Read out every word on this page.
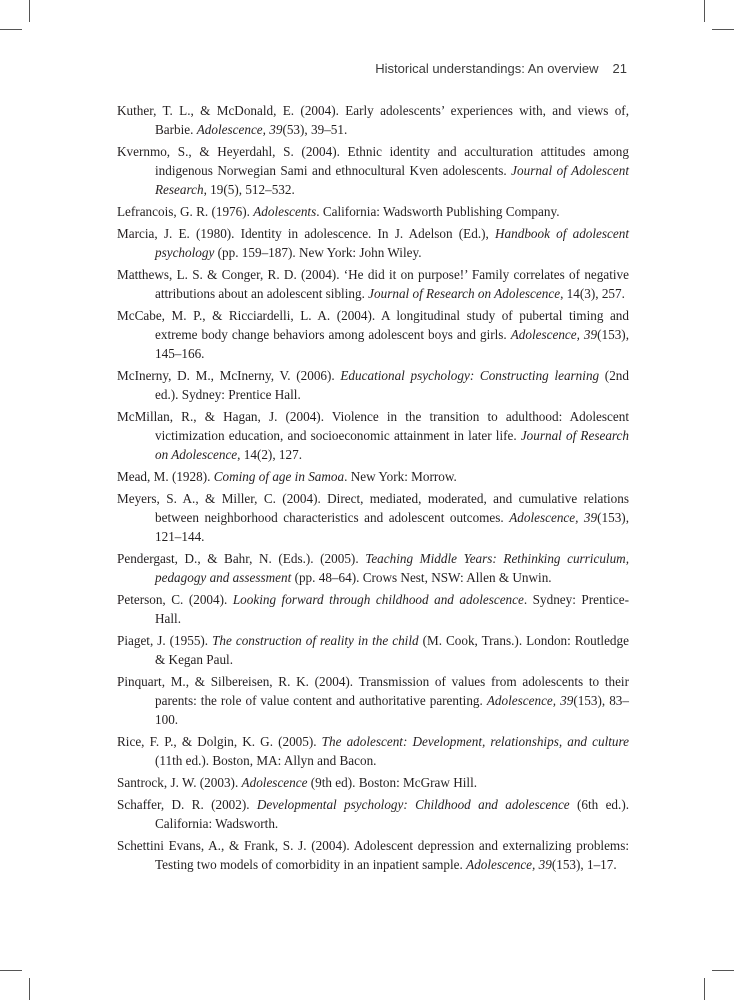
Historical understandings: An overview 21
Kuther, T. L., & McDonald, E. (2004). Early adolescents’ experiences with, and views of, Barbie. Adolescence, 39(53), 39–51.
Kvernmo, S., & Heyerdahl, S. (2004). Ethnic identity and acculturation attitudes among indigenous Norwegian Sami and ethnocultural Kven adolescents. Journal of Adolescent Research, 19(5), 512–532.
Lefrancois, G. R. (1976). Adolescents. California: Wadsworth Publishing Company.
Marcia, J. E. (1980). Identity in adolescence. In J. Adelson (Ed.), Handbook of adolescent psychology (pp. 159–187). New York: John Wiley.
Matthews, L. S. & Conger, R. D. (2004). ‘He did it on purpose!’ Family correlates of negative attributions about an adolescent sibling. Journal of Research on Adolescence, 14(3), 257.
McCabe, M. P., & Ricciardelli, L. A. (2004). A longitudinal study of pubertal timing and extreme body change behaviors among adolescent boys and girls. Adolescence, 39(153), 145–166.
McInerny, D. M., McInerny, V. (2006). Educational psychology: Constructing learning (2nd ed.). Sydney: Prentice Hall.
McMillan, R., & Hagan, J. (2004). Violence in the transition to adulthood: Adolescent victimization education, and socioeconomic attainment in later life. Journal of Research on Adolescence, 14(2), 127.
Mead, M. (1928). Coming of age in Samoa. New York: Morrow.
Meyers, S. A., & Miller, C. (2004). Direct, mediated, moderated, and cumulative relations between neighborhood characteristics and adolescent outcomes. Adolescence, 39(153), 121–144.
Pendergast, D., & Bahr, N. (Eds.). (2005). Teaching Middle Years: Rethinking curriculum, pedagogy and assessment (pp. 48–64). Crows Nest, NSW: Allen & Unwin.
Peterson, C. (2004). Looking forward through childhood and adolescence. Sydney: Prentice-Hall.
Piaget, J. (1955). The construction of reality in the child (M. Cook, Trans.). London: Routledge & Kegan Paul.
Pinquart, M., & Silbereisen, R. K. (2004). Transmission of values from adolescents to their parents: the role of value content and authoritative parenting. Adolescence, 39(153), 83–100.
Rice, F. P., & Dolgin, K. G. (2005). The adolescent: Development, relationships, and culture (11th ed.). Boston, MA: Allyn and Bacon.
Santrock, J. W. (2003). Adolescence (9th ed). Boston: McGraw Hill.
Schaffer, D. R. (2002). Developmental psychology: Childhood and adolescence (6th ed.). California: Wadsworth.
Schettini Evans, A., & Frank, S. J. (2004). Adolescent depression and externalizing problems: Testing two models of comorbidity in an inpatient sample. Adolescence, 39(153), 1–17.
